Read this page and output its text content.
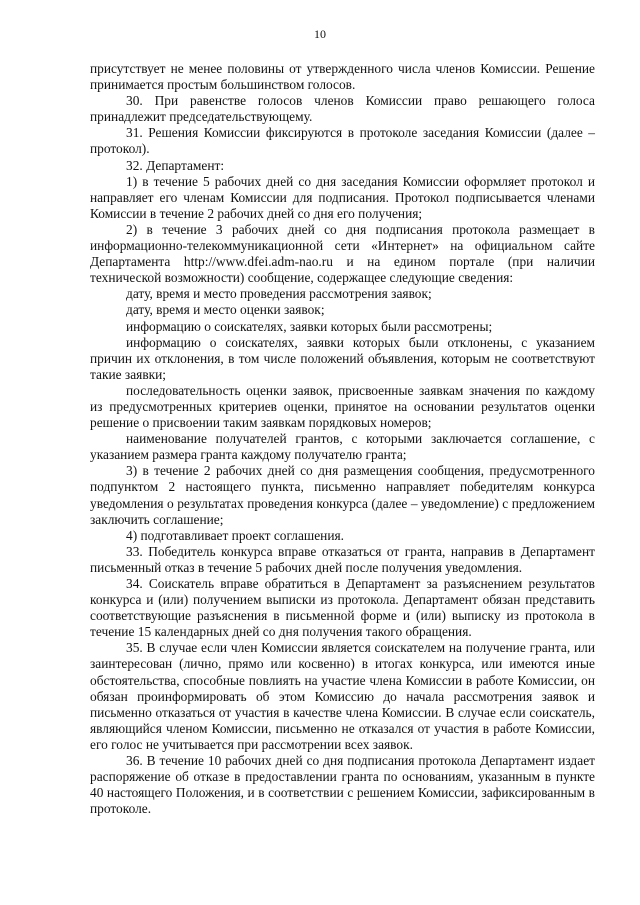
10

присутствует не менее половины от утвержденного числа членов Комиссии. Решение принимается простым большинством голосов.

30. При равенстве голосов членов Комиссии право решающего голоса принадлежит председательствующему.

31. Решения Комиссии фиксируются в протоколе заседания Комиссии (далее – протокол).

32. Департамент:

1) в течение 5 рабочих дней со дня заседания Комиссии оформляет протокол и направляет его членам Комиссии для подписания. Протокол подписывается членами Комиссии в течение 2 рабочих дней со дня его получения;

2) в течение 3 рабочих дней со дня подписания протокола размещает в информационно-телекоммуникационной сети «Интернет» на официальном сайте Департамента http://www.dfei.adm-nao.ru и на едином портале (при наличии технической возможности) сообщение, содержащее следующие сведения:

дату, время и место проведения рассмотрения заявок;

дату, время и место оценки заявок;

информацию о соискателях, заявки которых были рассмотрены;

информацию о соискателях, заявки которых были отклонены, с указанием причин их отклонения, в том числе положений объявления, которым не соответствуют такие заявки;

последовательность оценки заявок, присвоенные заявкам значения по каждому из предусмотренных критериев оценки, принятое на основании результатов оценки решение о присвоении таким заявкам порядковых номеров;

наименование получателей грантов, с которыми заключается соглашение, с указанием размера гранта каждому получателю гранта;

3) в течение 2 рабочих дней со дня размещения сообщения, предусмотренного подпунктом 2 настоящего пункта, письменно направляет победителям конкурса уведомления о результатах проведения конкурса (далее – уведомление) с предложением заключить соглашение;

4) подготавливает проект соглашения.

33. Победитель конкурса вправе отказаться от гранта, направив в Департамент письменный отказ в течение 5 рабочих дней после получения уведомления.

34. Соискатель вправе обратиться в Департамент за разъяснением результатов конкурса и (или) получением выписки из протокола. Департамент обязан представить соответствующие разъяснения в письменной форме и (или) выписку из протокола в течение 15 календарных дней со дня получения такого обращения.

35. В случае если член Комиссии является соискателем на получение гранта, или заинтересован (лично, прямо или косвенно) в итогах конкурса, или имеются иные обстоятельства, способные повлиять на участие члена Комиссии в работе Комиссии, он обязан проинформировать об этом Комиссию до начала рассмотрения заявок и письменно отказаться от участия в качестве члена Комиссии. В случае если соискатель, являющийся членом Комиссии, письменно не отказался от участия в работе Комиссии, его голос не учитывается при рассмотрении всех заявок.

36. В течение 10 рабочих дней со дня подписания протокола Департамент издает распоряжение об отказе в предоставлении гранта по основаниям, указанным в пункте 40 настоящего Положения, и в соответствии с решением Комиссии, зафиксированным в протоколе.
